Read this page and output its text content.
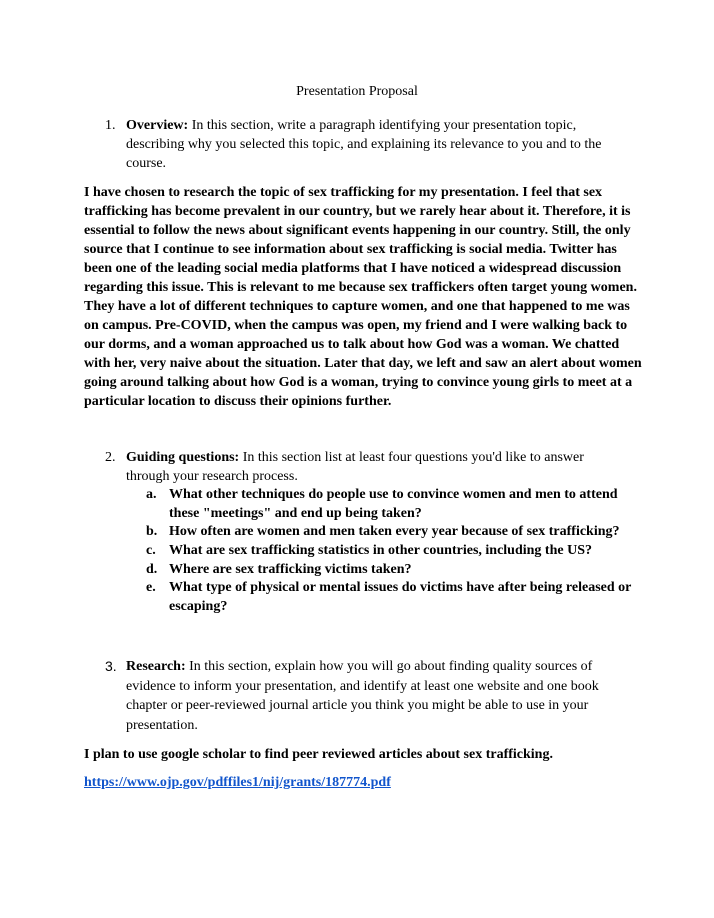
Presentation Proposal
1. Overview: In this section, write a paragraph identifying your presentation topic, describing why you selected this topic, and explaining its relevance to you and to the course.
I have chosen to research the topic of sex trafficking for my presentation. I feel that sex trafficking has become prevalent in our country, but we rarely hear about it. Therefore, it is essential to follow the news about significant events happening in our country. Still, the only source that I continue to see information about sex trafficking is social media. Twitter has been one of the leading social media platforms that I have noticed a widespread discussion regarding this issue. This is relevant to me because sex traffickers often target young women. They have a lot of different techniques to capture women, and one that happened to me was on campus. Pre-COVID, when the campus was open, my friend and I were walking back to our dorms, and a woman approached us to talk about how God was a woman. We chatted with her, very naive about the situation. Later that day, we left and saw an alert about women going around talking about how God is a woman, trying to convince young girls to meet at a particular location to discuss their opinions further.
2. Guiding questions: In this section list at least four questions you'd like to answer through your research process.
a. What other techniques do people use to convince women and men to attend these "meetings" and end up being taken?
b. How often are women and men taken every year because of sex trafficking?
c. What are sex trafficking statistics in other countries, including the US?
d. Where are sex trafficking victims taken?
e. What type of physical or mental issues do victims have after being released or escaping?
3. Research: In this section, explain how you will go about finding quality sources of evidence to inform your presentation, and identify at least one website and one book chapter or peer-reviewed journal article you think you might be able to use in your presentation.
I plan to use google scholar to find peer reviewed articles about sex trafficking.
https://www.ojp.gov/pdffiles1/nij/grants/187774.pdf
